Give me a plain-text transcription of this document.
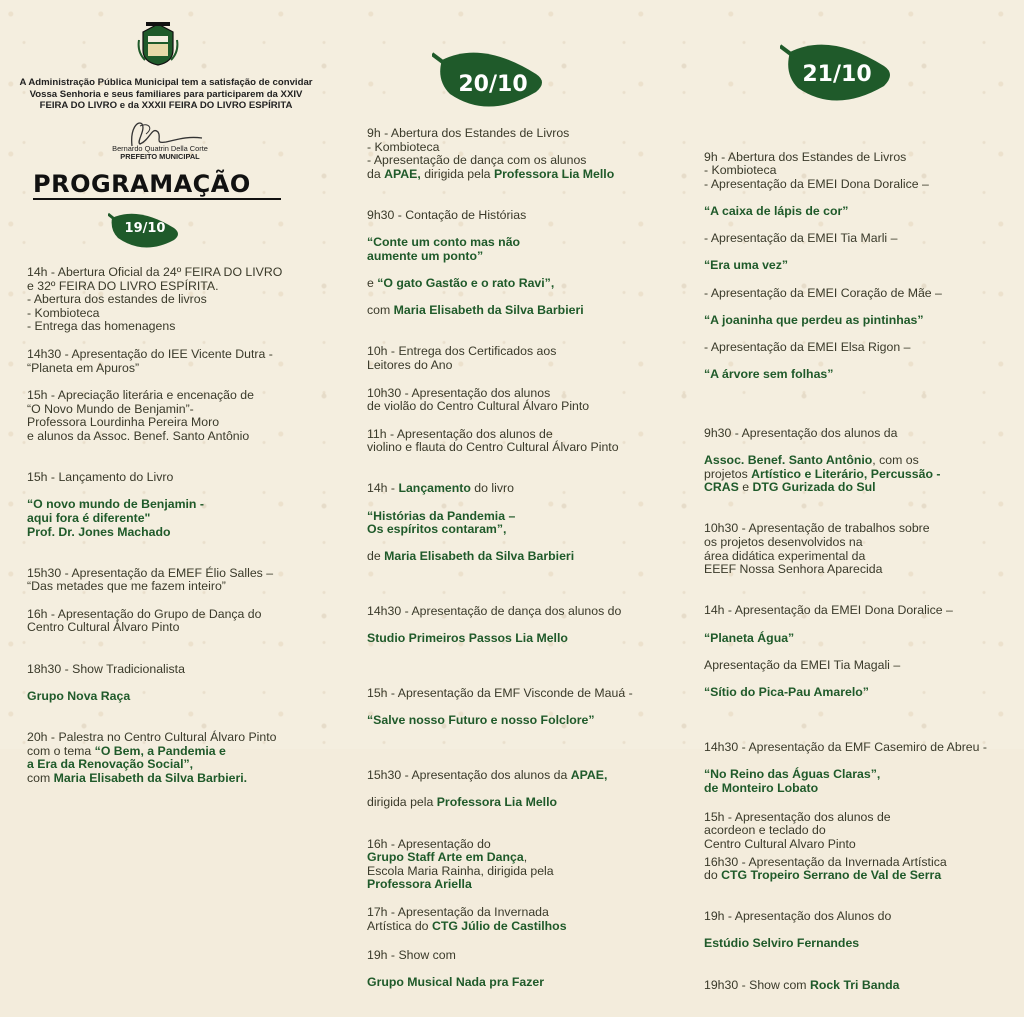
A Administração Pública Municipal tem a satisfação de convidar Vossa Senhoria e seus familiares para participarem da XXIV FEIRA DO LIVRO e da XXXII FEIRA DO LIVRO ESPÍRITA
Bernardo Quatrin Della Corte
PREFEITO MUNICIPAL
PROGRAMAÇÃO
19/10
20/10	21/10
14h - Abertura Oficial da 24º FEIRA DO LIVRO
e 32º FEIRA DO LIVRO ESPÍRITA.
- Abertura dos estandes de livros
- Kombioteca
- Entrega das homenagens
14h30 - Apresentação do IEE Vicente Dutra -
“Planeta em Apuros”
15h - Apreciação literária e encenação de
“O Novo Mundo de Benjamin”-
Professora Lourdinha Pereira Moro
e alunos da Assoc. Benef. Santo Antônio

15h - Lançamento do Livro

“O novo mundo de Benjamin -
aqui fora é diferente"
Prof. Dr. Jones Machado

15h30 - Apresentação da EMEF Élio Salles –
“Das metades que me fazem inteiro”
16h - Apresentação do Grupo de Dança do
Centro Cultural Álvaro Pinto

18h30 - Show Tradicionalista

Grupo Nova Raça

20h - Palestra no Centro Cultural Álvaro Pinto
com o tema “O Bem, a Pandemia e
a Era da Renovação Social”,
com Maria Elisabeth da Silva Barbieri.
9h - Abertura dos Estandes de Livros
- Kombioteca
- Apresentação de dança com os alunos
da APAE, dirigida pela Professora Lia Mello

9h30 - Contação de Histórias

“Conte um conto mas não
aumente um ponto”

e “O gato Gastão e o rato Ravi”,

com Maria Elisabeth da Silva Barbieri

10h - Entrega dos Certificados aos
Leitores do Ano
10h30 - Apresentação dos alunos
de violão do Centro Cultural Álvaro Pinto
11h - Apresentação dos alunos de
violino e flauta do Centro Cultural Álvaro Pinto

14h - Lançamento do livro

“Histórias da Pandemia –
Os espíritos contaram”,

de Maria Elisabeth da Silva Barbieri

14h30 - Apresentação de dança dos alunos do

Studio Primeiros Passos Lia Mello

15h - Apresentação da EMF Visconde de Mauá -

“Salve nosso Futuro e nosso Folclore”

15h30 - Apresentação dos alunos da APAE,

dirigida pela Professora Lia Mello

16h - Apresentação do
Grupo Staff Arte em Dança,
Escola Maria Rainha, dirigida pela
Professora Ariella
17h - Apresentação da Invernada
Artística do CTG Júlio de Castilhos

19h - Show com

Grupo Musical Nada pra Fazer

9h - Abertura dos Estandes de Livros
- Kombioteca
- Apresentação da EMEI Dona Doralice –

“A caixa de lápis de cor”

- Apresentação da EMEI Tia Marli –

“Era uma vez”

- Apresentação da EMEI Coração de Mãe –

“A joaninha que perdeu as pintinhas”

- Apresentação da EMEI Elsa Rigon –

“A árvore sem folhas”

9h30 - Apresentação dos alunos da

Assoc. Benef. Santo Antônio, com os
projetos Artístico e Literário, Percussão -
CRAS e DTG Gurizada do Sul

10h30 - Apresentação de trabalhos sobre
os projetos desenvolvidos na
área didática experimental da
EEEF Nossa Senhora Aparecida

14h - Apresentação da EMEI Dona Doralice –

“Planeta Água”

Apresentação da EMEI Tia Magali –

“Sítio do Pica-Pau Amarelo”

14h30 - Apresentação da EMF Casemiro de Abreu -

“No Reino das Águas Claras”,
de Monteiro Lobato

15h - Apresentação dos alunos de
acordeon e teclado do
Centro Cultural Alvaro Pinto
16h30 - Apresentação da Invernada Artística
do CTG Tropeiro Serrano de Val de Serra

19h - Apresentação dos Alunos do

Estúdio Selviro Fernandes

19h30 - Show com Rock Tri Banda
